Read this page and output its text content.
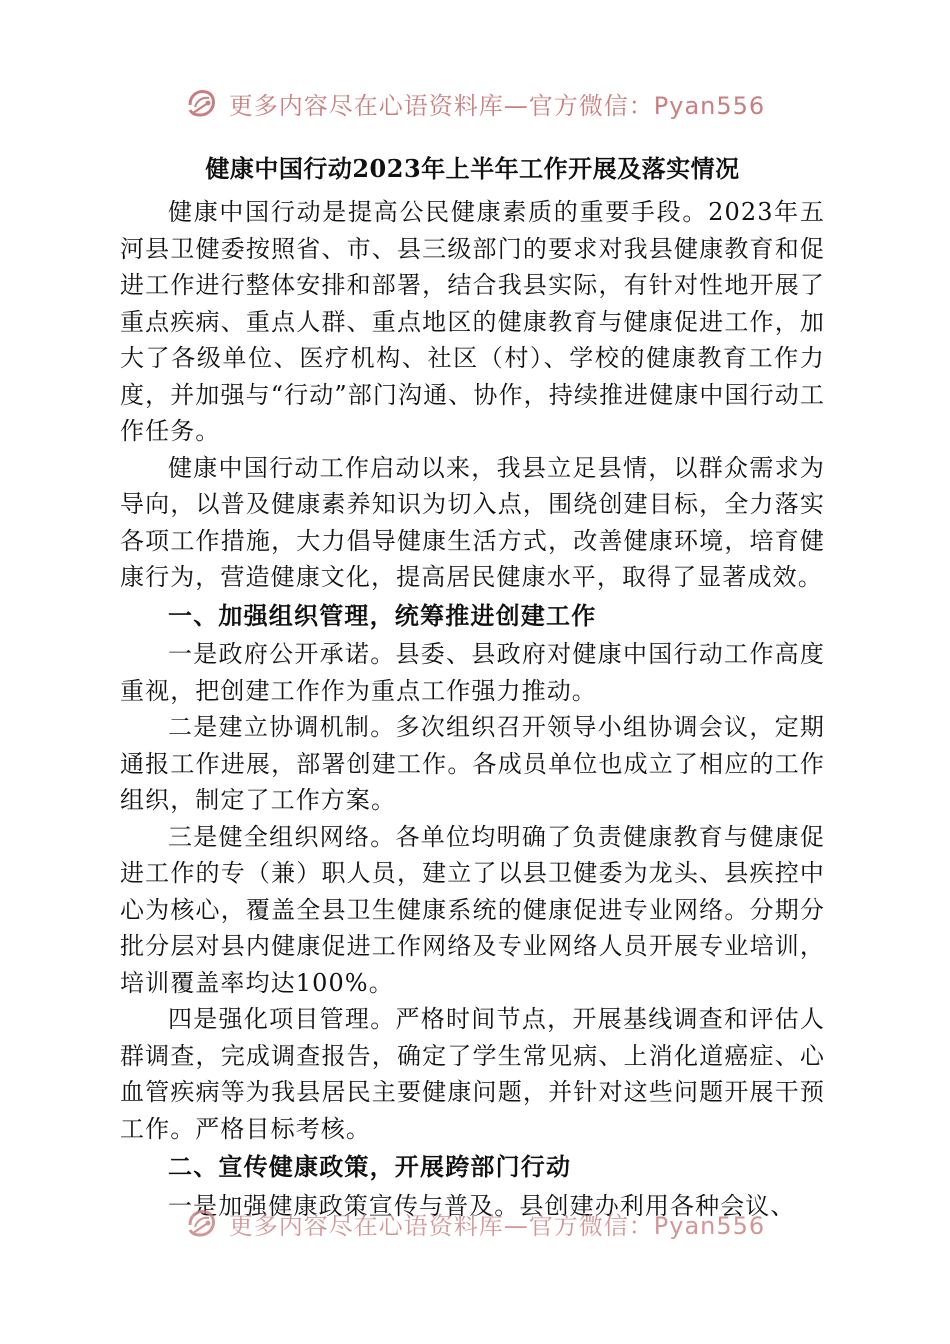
更多内容尽在心语资料库—官方微信：Pyan556
健康中国行动2023年上半年工作开展及落实情况

健康中国行动是提高公民健康素质的重要手段。2023年五河县卫健委按照省、市、县三级部门的要求对我县健康教育和促进工作进行整体安排和部署，结合我县实际，有针对性地开展了重点疾病、重点人群、重点地区的健康教育与健康促进工作，加大了各级单位、医疗机构、社区（村）、学校的健康教育工作力度，并加强与“行动”部门沟通、协作，持续推进健康中国行动工作任务。

健康中国行动工作启动以来，我县立足县情，以群众需求为导向，以普及健康素养知识为切入点，围绕创建目标，全力落实各项工作措施，大力倡导健康生活方式，改善健康环境，培育健康行为，营造健康文化，提高居民健康水平，取得了显著成效。

一、加强组织管理，统筹推进创建工作

一是政府公开承诺。县委、县政府对健康中国行动工作高度重视，把创建工作作为重点工作强力推动。

二是建立协调机制。多次组织召开领导小组协调会议，定期通报工作进展，部署创建工作。各成员单位也成立了相应的工作组织，制定了工作方案。

三是健全组织网络。各单位均明确了负责健康教育与健康促进工作的专（兼）职人员，建立了以县卫健委为龙头、县疾控中心为核心，覆盖全县卫生健康系统的健康促进专业网络。分期分批分层对县内健康促进工作网络及专业网络人员开展专业培训，培训覆盖率均达100%。

四是强化项目管理。严格时间节点，开展基线调查和评估人群调查，完成调查报告，确定了学生常见病、上消化道癌症、心血管疾病等为我县居民主要健康问题，并针对这些问题开展干预工作。严格目标考核。

二、宣传健康政策，开展跨部门行动

一是加强健康政策宣传与普及。县创建办利用各种会议、

更多内容尽在心语资料库—官方微信：Pyan556
